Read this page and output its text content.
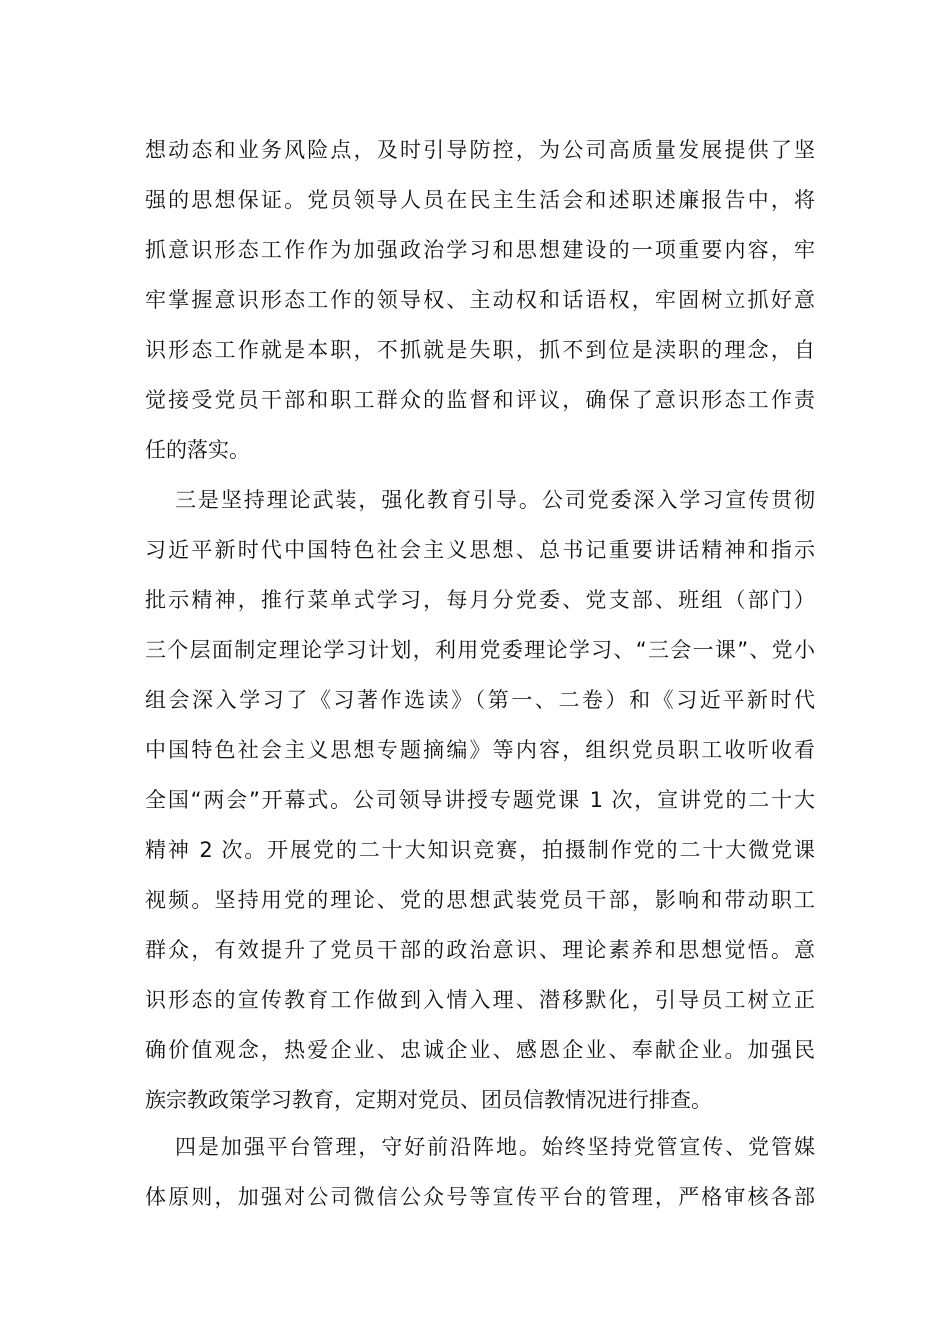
想动态和业务风险点，及时引导防控，为公司高质量发展提供了坚
强的思想保证。党员领导人员在民主生活会和述职述廉报告中，将
抓意识形态工作作为加强政治学习和思想建设的一项重要内容，牢
牢掌握意识形态工作的领导权、主动权和话语权，牢固树立抓好意
识形态工作就是本职，不抓就是失职，抓不到位是渎职的理念，自
觉接受党员干部和职工群众的监督和评议，确保了意识形态工作责
任的落实。
三是坚持理论武装，强化教育引导。公司党委深入学习宣传贯彻
习近平新时代中国特色社会主义思想、总书记重要讲话精神和指示
批示精神，推行菜单式学习，每月分党委、党支部、班组（部门）
三个层面制定理论学习计划，利用党委理论学习、“三会一课”、党小
组会深入学习了《习著作选读》（第一、二卷）和《习近平新时代
中国特色社会主义思想专题摘编》等内容，组织党员职工收听收看
全国“两会”开幕式。公司领导讲授专题党课 1 次，宣讲党的二十大
精神 2 次。开展党的二十大知识竞赛，拍摄制作党的二十大微党课
视频。坚持用党的理论、党的思想武装党员干部，影响和带动职工
群众，有效提升了党员干部的政治意识、理论素养和思想觉悟。意
识形态的宣传教育工作做到入情入理、潜移默化，引导员工树立正
确价值观念，热爱企业、忠诚企业、感恩企业、奉献企业。加强民
族宗教政策学习教育，定期对党员、团员信教情况进行排查。
四是加强平台管理，守好前沿阵地。始终坚持党管宣传、党管媒
体原则，加强对公司微信公众号等宣传平台的管理，严格审核各部
